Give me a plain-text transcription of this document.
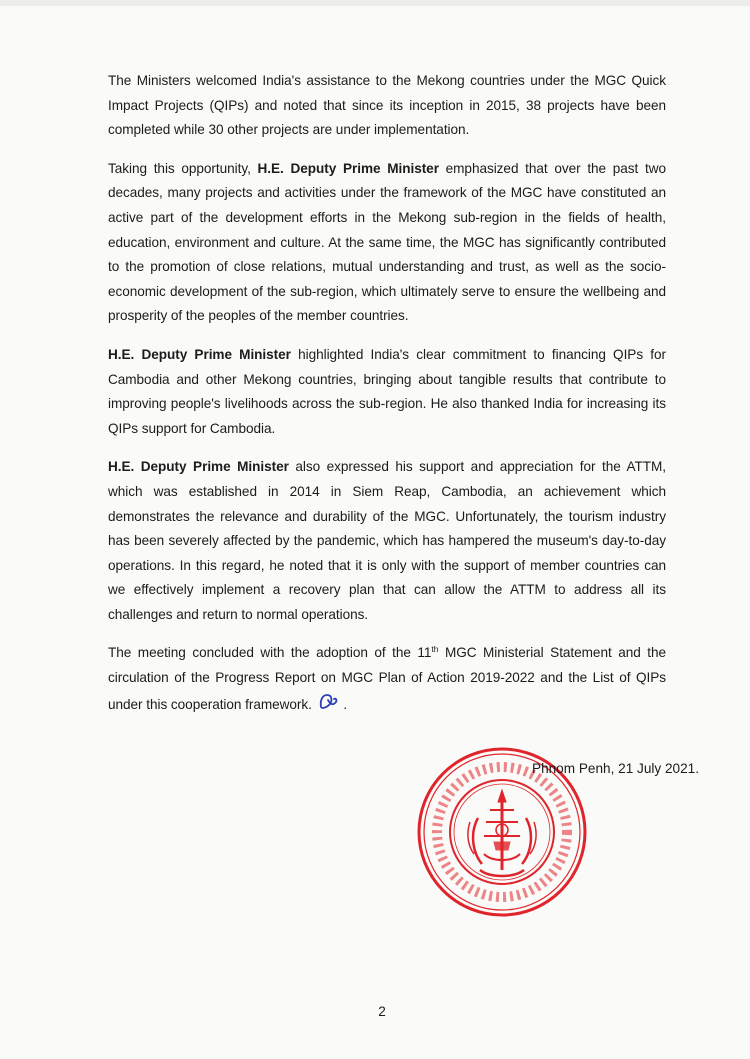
The Ministers welcomed India's assistance to the Mekong countries under the MGC Quick Impact Projects (QIPs) and noted that since its inception in 2015, 38 projects have been completed while 30 other projects are under implementation.

Taking this opportunity, H.E. Deputy Prime Minister emphasized that over the past two decades, many projects and activities under the framework of the MGC have constituted an active part of the development efforts in the Mekong sub-region in the fields of health, education, environment and culture. At the same time, the MGC has significantly contributed to the promotion of close relations, mutual understanding and trust, as well as the socio-economic development of the sub-region, which ultimately serve to ensure the wellbeing and prosperity of the peoples of the member countries.

H.E. Deputy Prime Minister highlighted India's clear commitment to financing QIPs for Cambodia and other Mekong countries, bringing about tangible results that contribute to improving people's livelihoods across the sub-region. He also thanked India for increasing its QIPs support for Cambodia.

H.E. Deputy Prime Minister also expressed his support and appreciation for the ATTM, which was established in 2014 in Siem Reap, Cambodia, an achievement which demonstrates the relevance and durability of the MGC. Unfortunately, the tourism industry has been severely affected by the pandemic, which has hampered the museum's day-to-day operations. In this regard, he noted that it is only with the support of member countries can we effectively implement a recovery plan that can allow the ATTM to address all its challenges and return to normal operations.

The meeting concluded with the adoption of the 11th MGC Ministerial Statement and the circulation of the Progress Report on MGC Plan of Action 2019-2022 and the List of QIPs under this cooperation framework. .

Phnom Penh, 21 July 2021.
2
